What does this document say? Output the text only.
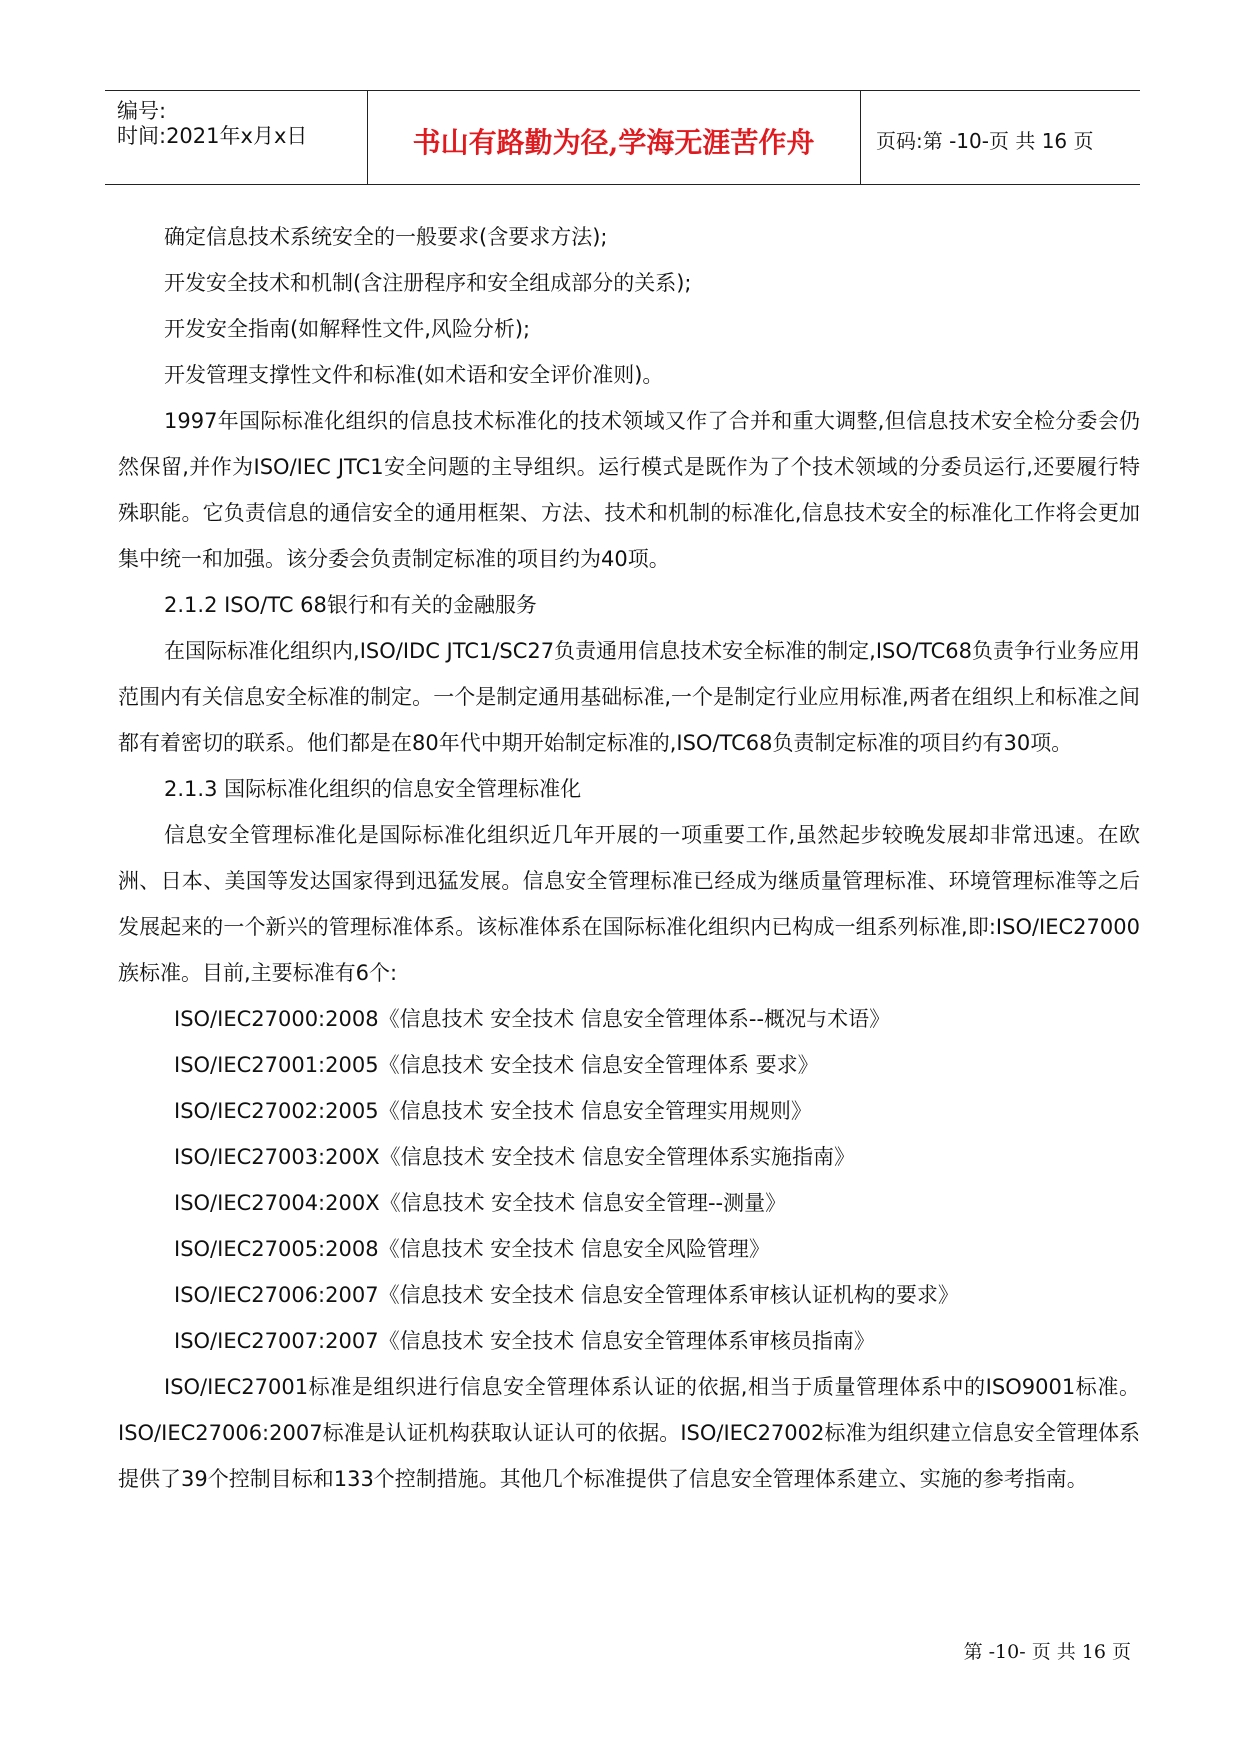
编号:
时间:2021年x月x日	书山有路勤为径,学海无涯苦作舟	页码:第 -10-页 共 16 页

确定信息技术系统安全的一般要求(含要求方法);

开发安全技术和机制(含注册程序和安全组成部分的关系);

开发安全指南(如解释性文件,风险分析);

开发管理支撑性文件和标准(如术语和安全评价准则)。

1997年国际标准化组织的信息技术标准化的技术领域又作了合并和重大调整,但信息技术安全检分委会仍然保留,并作为ISO/IEC JTC1安全问题的主导组织。运行模式是既作为了个技术领域的分委员运行,还要履行特殊职能。它负责信息的通信安全的通用框架、方法、技术和机制的标准化,信息技术安全的标准化工作将会更加集中统一和加强。该分委会负责制定标准的项目约为40项。

2.1.2 ISO/TC 68银行和有关的金融服务

在国际标准化组织内,ISO/IDC JTC1/SC27负责通用信息技术安全标准的制定,ISO/TC68负责争行业务应用范围内有关信息安全标准的制定。一个是制定通用基础标准,一个是制定行业应用标准,两者在组织上和标准之间都有着密切的联系。他们都是在80年代中期开始制定标准的,ISO/TC68负责制定标准的项目约有30项。

2.1.3 国际标准化组织的信息安全管理标准化

信息安全管理标准化是国际标准化组织近几年开展的一项重要工作,虽然起步较晚发展却非常迅速。在欧洲、日本、美国等发达国家得到迅猛发展。信息安全管理标准已经成为继质量管理标准、环境管理标准等之后发展起来的一个新兴的管理标准体系。该标准体系在国际标准化组织内已构成一组系列标准,即:ISO/IEC27000族标准。目前,主要标准有6个:

ISO/IEC27000:2008《信息技术 安全技术 信息安全管理体系--概况与术语》

ISO/IEC27001:2005《信息技术 安全技术 信息安全管理体系 要求》

ISO/IEC27002:2005《信息技术 安全技术 信息安全管理实用规则》

ISO/IEC27003:200X《信息技术 安全技术 信息安全管理体系实施指南》

ISO/IEC27004:200X《信息技术 安全技术 信息安全管理--测量》

ISO/IEC27005:2008《信息技术 安全技术 信息安全风险管理》

ISO/IEC27006:2007《信息技术 安全技术 信息安全管理体系审核认证机构的要求》

ISO/IEC27007:2007《信息技术 安全技术 信息安全管理体系审核员指南》

ISO/IEC27001标准是组织进行信息安全管理体系认证的依据,相当于质量管理体系中的ISO9001标准。ISO/IEC27006:2007标准是认证机构获取认证认可的依据。ISO/IEC27002标准为组织建立信息安全管理体系提供了39个控制目标和133个控制措施。其他几个标准提供了信息安全管理体系建立、实施的参考指南。

第 -10- 页 共 16 页
